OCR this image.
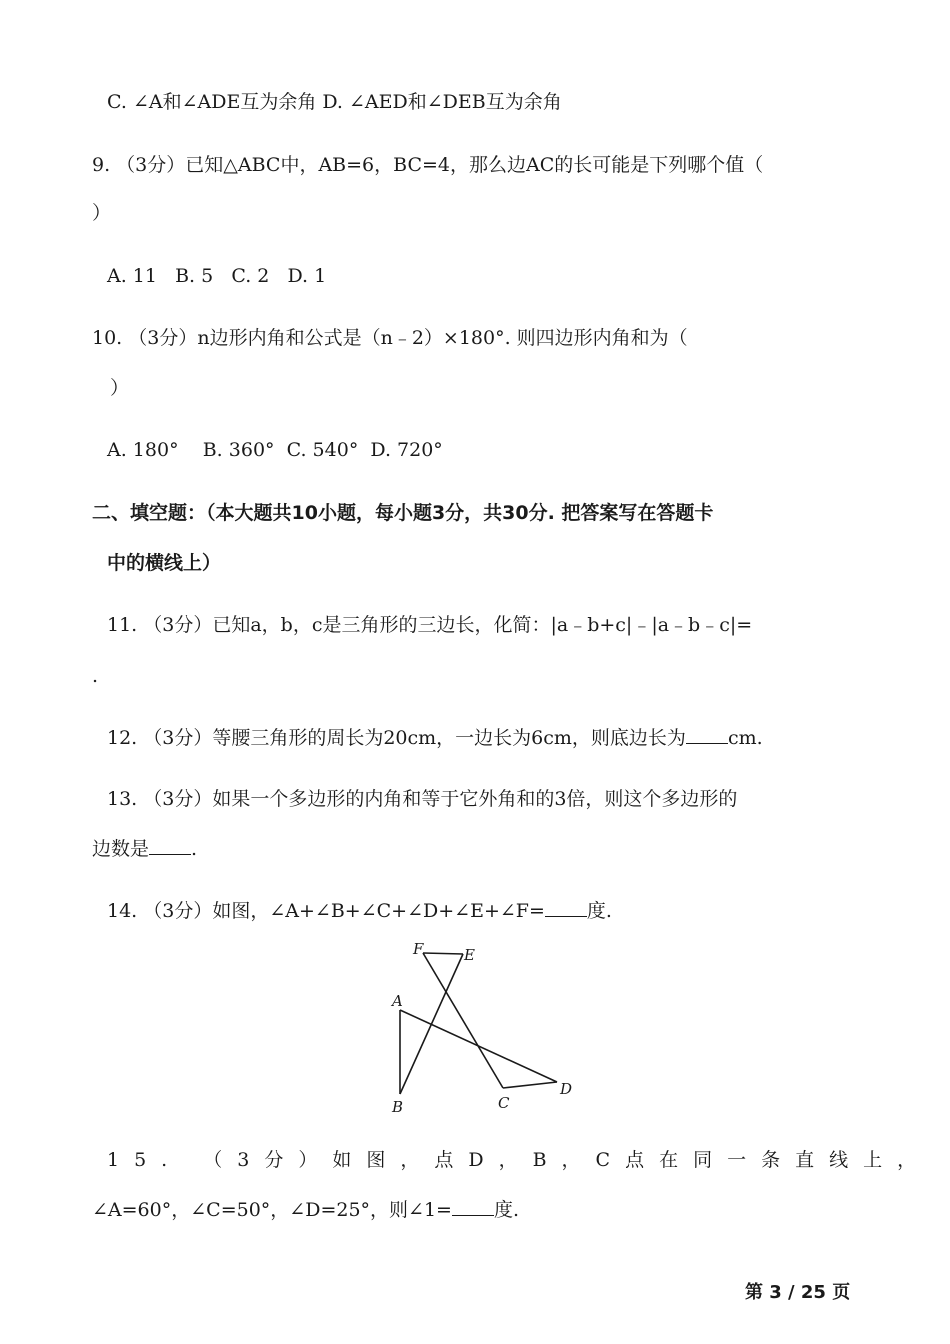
C. ∠A和∠ADE互为余角 D. ∠AED和∠DEB互为余角
9. （3分）已知△ABC中，AB=6，BC=4，那么边AC的长可能是下列哪个值（
）
A. 11   B. 5   C. 2   D. 1
10. （3分）n边形内角和公式是（n﹣2）×180°. 则四边形内角和为（
）
A. 180°    B. 360°  C. 540°  D. 720°
二、填空题：（本大题共10小题，每小题3分，共30分. 把答案写在答题卡
中的横线上）
11. （3分）已知a，b，c是三角形的三边长，化简：|a﹣b+c|﹣|a﹣b﹣c|=
.
12. （3分）等腰三角形的周长为20cm，一边长为6cm，则底边长为 cm.
13. （3分）如果一个多边形的内角和等于它外角和的3倍，则这个多边形的
边数是 .
14. （3分）如图，∠A+∠B+∠C+∠D+∠E+∠F= 度.
F	E
A
B	C
D
15. （3分）如图，点D，B，C点在同一条直线上，
∠A=60°，∠C=50°，∠D=25°，则∠1= 度.
第 3 / 25 页
